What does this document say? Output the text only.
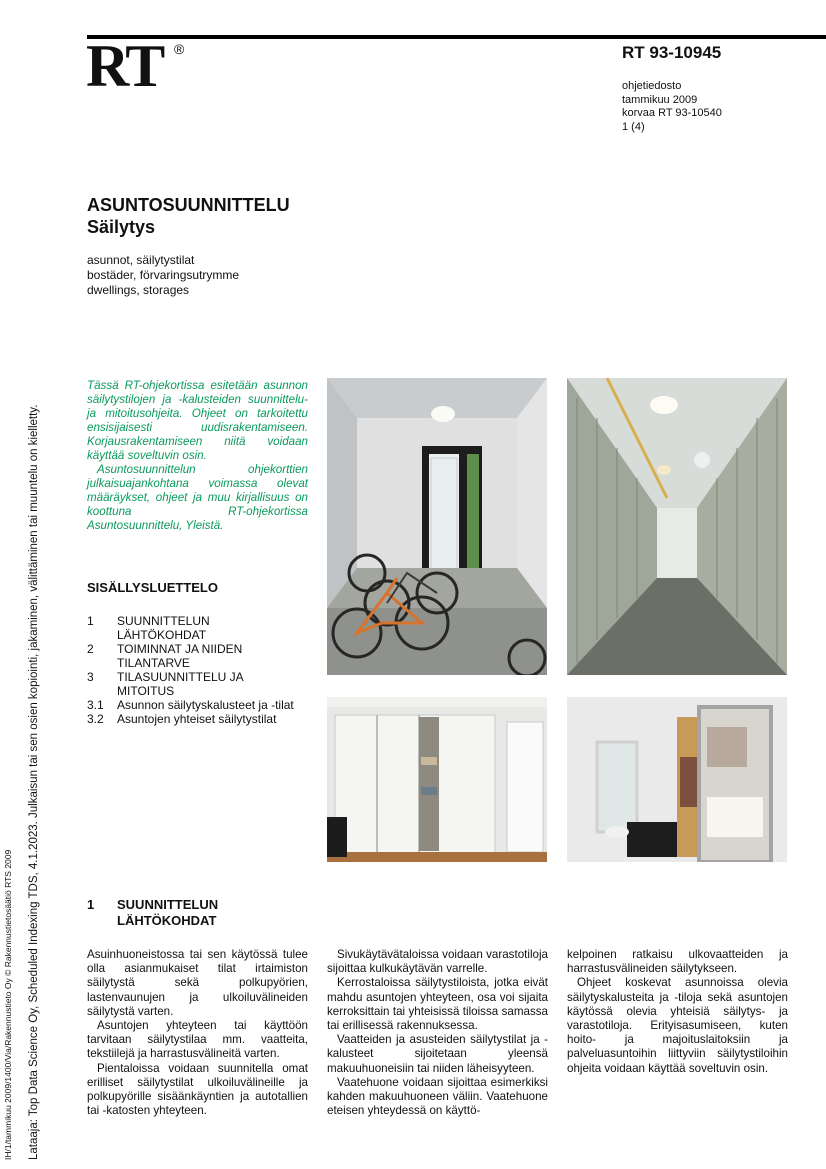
RT ®	RT 93-10945
ohjetiedosto
tammikuu 2009
korvaa RT 93-10540
1 (4)
ASUNTOSUUNNITTELU
Säilytys
asunnot, säilytystilat
bostäder, förvaringsutrymme
dwellings, storages

Tässä RT-ohjekortissa esitetään asunnon säilytystilojen ja -kalusteiden suunnittelu- ja mitoitusohjeita. Ohjeet on tarkoitettu ensisijaisesti uudisrakentamiseen. Korjausrakentamiseen niitä voidaan käyttää soveltuvin osin.

Asuntosuunnittelun ohjekorttien julkaisuajankohtana voimassa olevat määräykset, ohjeet ja muu kirjallisuus on koottuna RT-ohjekortissa Asuntosuunnittelu, Yleistä.

SISÄLLYSLUETTELO
1	SUUNNITTELUN LÄHTÖKOHDAT
2	TOIMINNAT JA NIIDEN TILANTARVE
3	TILASUUNNITTELU JA MITOITUS
3.1	Asunnon säilytyskalusteet ja -tilat
3.2	Asuntojen yhteiset säilytystilat
1	SUUNNITTELUN
LÄHTÖKOHDAT

Asuinhuoneistossa tai sen käytössä tulee olla asianmukaiset tilat irtaimiston säilytystä sekä polkupyörien, lastenvaunujen ja ulkoiluvälineiden säilytystä varten.

Asuntojen yhteyteen tai käyttöön tarvitaan säilytystilaa mm. vaatteita, tekstiilejä ja harrastusvälineitä varten.

Pientaloissa voidaan suunnitella omat erilliset säilytystilat ulkoiluvälineille ja polkupyörille sisäänkäyntien ja autotallien tai -katosten yhteyteen.

Sivukäytävätaloissa voidaan varastotiloja sijoittaa kulkukäytävän varrelle.

Kerrostaloissa säilytystiloista, jotka eivät mahdu asuntojen yhteyteen, osa voi sijaita kerroksittain tai yhteisissä tiloissa samassa tai erillisessä rakennuksessa.

Vaatteiden ja asusteiden säilytystilat ja -kalusteet sijoitetaan yleensä makuuhuoneisiin tai niiden läheisyyteen.

Vaatehuone voidaan sijoittaa esimerkiksi kahden makuuhuoneen väliin. Vaatehuone eteisen yhteydessä on käyttö-

kelpoinen ratkaisu ulkovaatteiden ja harrastusvälineiden säilytykseen.

Ohjeet koskevat asunnoissa olevia säilytyskalusteita ja -tiloja sekä asuntojen käytössä olevia yhteisiä säilytys- ja varastotiloja. Erityisasumiseen, kuten hoito- ja majoituslaitoksiin ja palveluasuntoihin liittyviin säilytystiloihin ohjeita voidaan käyttää soveltuvin osin.

IH/1/tammikuu 2009/1400/Via/Rakennustieto Oy © Rakennustietosäätiö RTS 2009 Lataaja: Top Data Science Oy, Scheduled Indexing TDS, 4.1.2023. Julkaisun tai sen osien kopiointi, jakaminen, välittäminen tai muuntelu on kielletty.
